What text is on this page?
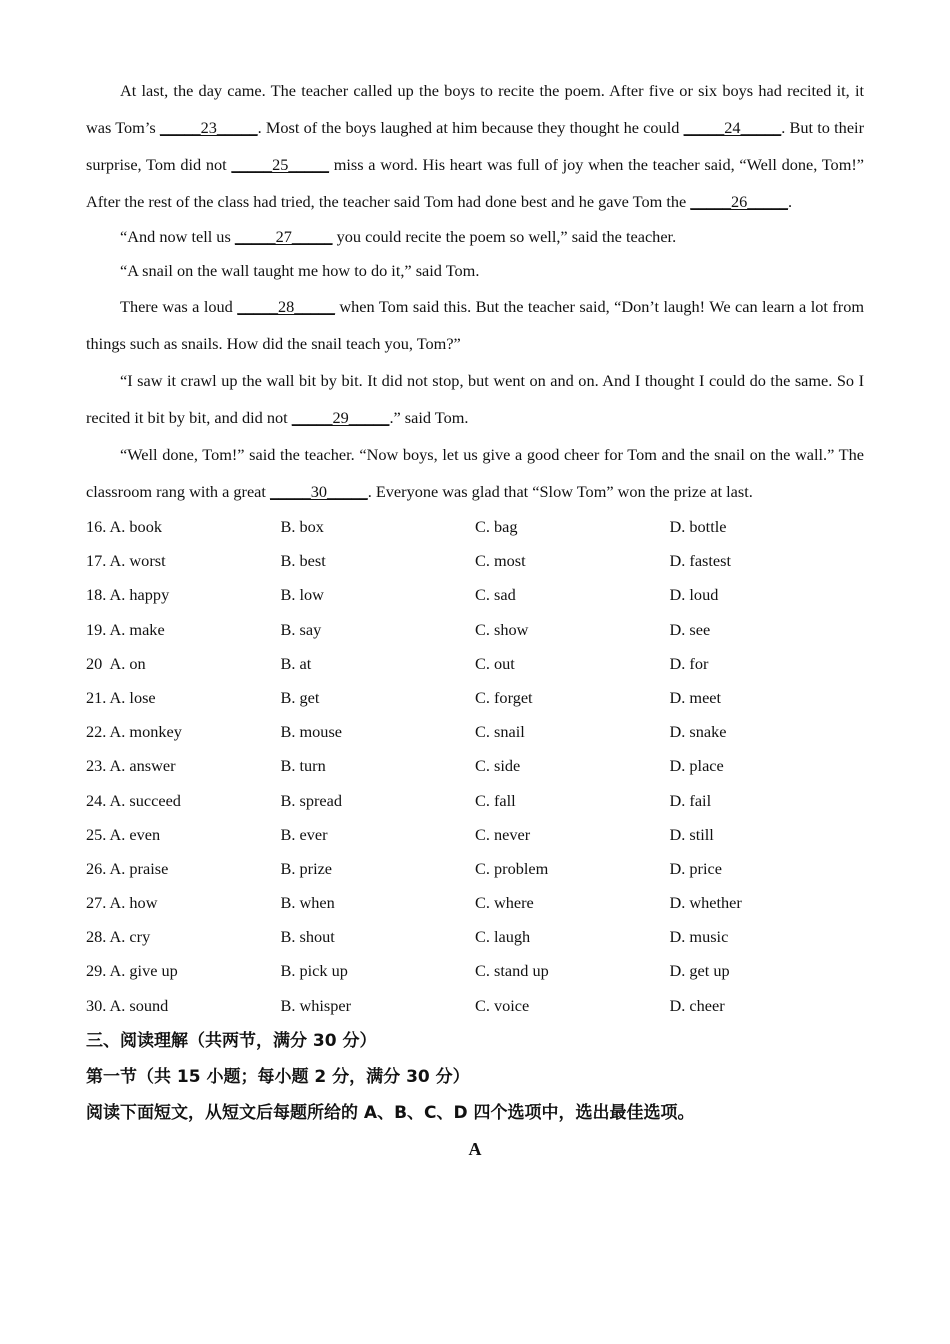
At last, the day came. The teacher called up the boys to recite the poem. After five or six boys had recited it, it was Tom’s _____23_____. Most of the boys laughed at him because they thought he could _____24_____. But to their surprise, Tom did not _____25_____ miss a word. His heart was full of joy when the teacher said, “Well done, Tom!” After the rest of the class had tried, the teacher said Tom had done best and he gave Tom the _____26_____.

“And now tell us _____27_____ you could recite the poem so well,” said the teacher.

“A snail on the wall taught me how to do it,” said Tom.

There was a loud _____28_____ when Tom said this. But the teacher said, “Don’t laugh! We can learn a lot from things such as snails. How did the snail teach you, Tom?”

“I saw it crawl up the wall bit by bit. It did not stop, but went on and on. And I thought I could do the same. So I recited it bit by bit, and did not _____29_____.” said Tom.

“Well done, Tom!” said the teacher. “Now boys, let us give a good cheer for Tom and the snail on the wall.” The classroom rang with a great _____30_____. Everyone was glad that “Slow Tom” won the prize at last.

16. A. book	B. box	C. bag	D. bottle
17. A. worst	B. best	C. most	D. fastest
18. A. happy	B. low	C. sad	D. loud
19. A. make	B. say	C. show	D. see
20  A. on	B. at	C. out	D. for
21. A. lose	B. get	C. forget	D. meet
22. A. monkey	B. mouse	C. snail	D. snake
23. A. answer	B. turn	C. side	D. place
24. A. succeed	B. spread	C. fall	D. fail
25. A. even	B. ever	C. never	D. still
26. A. praise	B. prize	C. problem	D. price
27. A. how	B. when	C. where	D. whether
28. A. cry	B. shout	C. laugh	D. music
29. A. give up	B. pick up	C. stand up	D. get up
30. A. sound	B. whisper	C. voice	D. cheer

三、阅读理解（共两节，满分 30 分）

第一节（共 15 小题；每小题 2 分，满分 30 分）

阅读下面短文，从短文后每题所给的 A、B、C、D 四个选项中，选出最佳选项。

A
